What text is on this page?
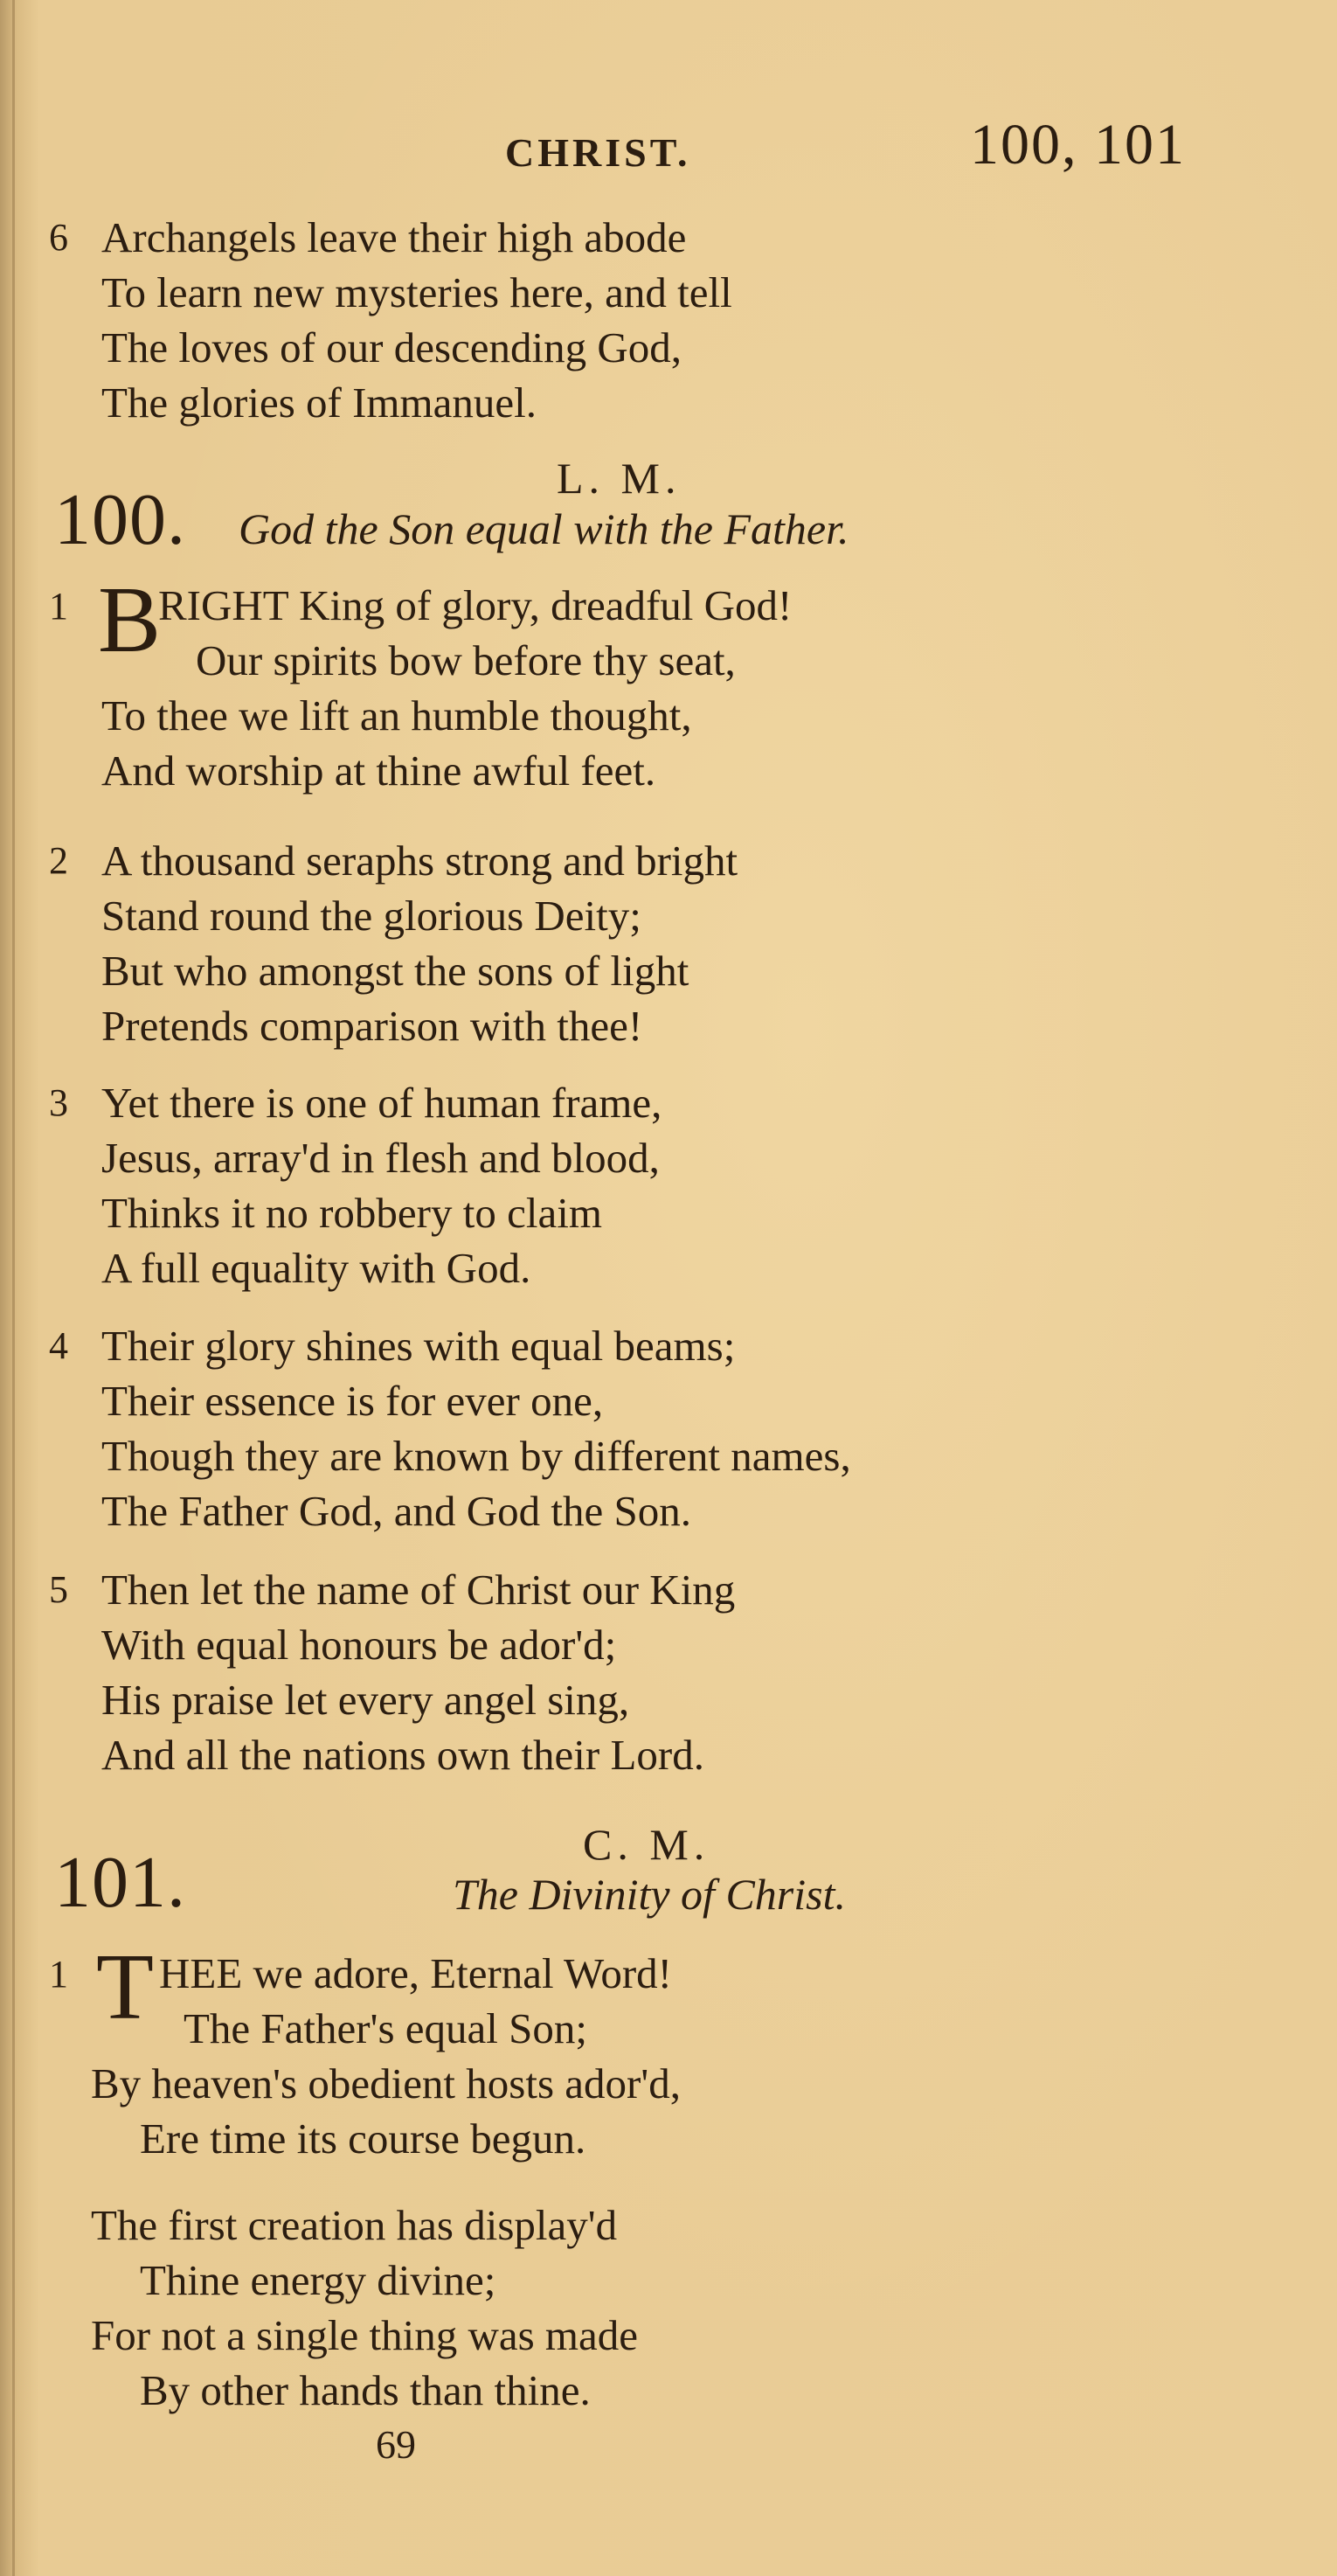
CHRIST.	100, 101
6 Archangels leave their high abode
To learn new mysteries here, and tell
The loves of our descending God,
The glories of Immanuel.
L. M.
100. God the Son equal with the Father.
1 B
RIGHT King of glory, dreadful God!
Our spirits bow before thy seat,
To thee we lift an humble thought,
And worship at thine awful feet.
2 A thousand seraphs strong and bright
Stand round the glorious Deity;
But who amongst the sons of light
Pretends comparison with thee!
3 Yet there is one of human frame,
Jesus, array'd in flesh and blood,
Thinks it no robbery to claim
A full equality with God.
4 Their glory shines with equal beams;
Their essence is for ever one,
Though they are known by different names,
The Father God, and God the Son.
5 Then let the name of Christ our King
With equal honours be ador'd;
His praise let every angel sing,
And all the nations own their Lord.
C. M.
101.	The Divinity of Christ.
1 T HEE we adore, Eternal Word!
The Father's equal Son;
By heaven's obedient hosts ador'd,
Ere time its course begun.
The first creation has display'd
Thine energy divine;
For not a single thing was made
By other hands than thine.
69
